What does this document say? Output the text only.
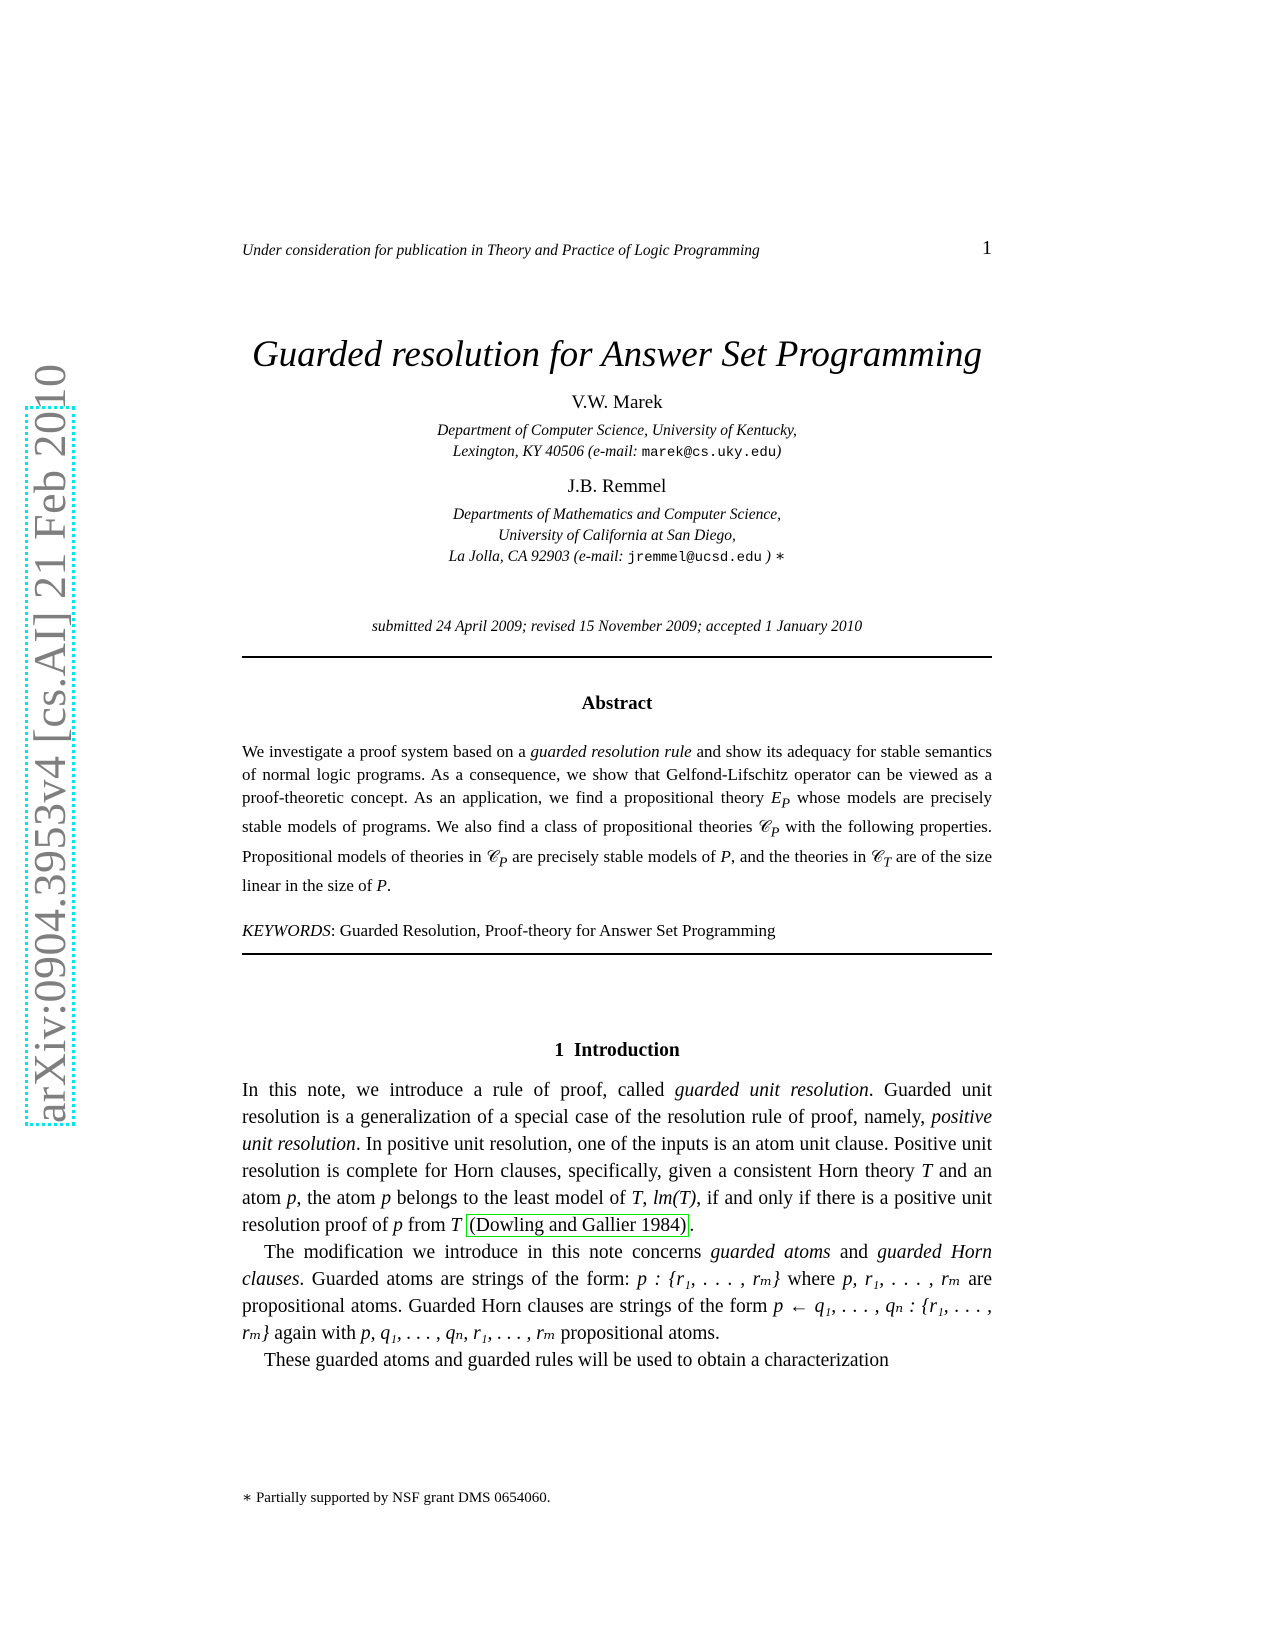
arXiv:0904.3953v4 [cs.AI] 21 Feb 2010
Under consideration for publication in Theory and Practice of Logic Programming	1
Guarded resolution for Answer Set Programming
V.W. Marek
Department of Computer Science, University of Kentucky,
Lexington, KY 40506 (e-mail: marek@cs.uky.edu)
J.B. Remmel
Departments of Mathematics and Computer Science,
University of California at San Diego,
La Jolla, CA 92903 (e-mail: jremmel@ucsd.edu ) ∗
submitted 24 April 2009; revised 15 November 2009; accepted 1 January 2010
Abstract
We investigate a proof system based on a guarded resolution rule and show its adequacy for stable semantics of normal logic programs. As a consequence, we show that Gelfond-Lifschitz operator can be viewed as a proof-theoretic concept. As an application, we find a propositional theory $E_P$ whose models are precisely stable models of programs. We also find a class of propositional theories 𝒞$_P$ with the following properties. Propositional models of theories in 𝒞$_P$ are precisely stable models of P, and the theories in 𝒞$_T$ are of the size linear in the size of P.
KEYWORDS: Guarded Resolution, Proof-theory for Answer Set Programming
1 Introduction

In this note, we introduce a rule of proof, called guarded unit resolution. Guarded unit resolution is a generalization of a special case of the resolution rule of proof, namely, positive unit resolution. In positive unit resolution, one of the inputs is an atom unit clause. Positive unit resolution is complete for Horn clauses, specifically, given a consistent Horn theory T and an atom p, the atom p belongs to the least model of T, lm(T), if and only if there is a positive unit resolution proof of p from T (Dowling and Gallier 1984) .

The modification we introduce in this note concerns guarded atoms and guarded Horn clauses. Guarded atoms are strings of the form: p : {r₁, . . . , rₘ} where p, r₁, . . . , rₘ are propositional atoms. Guarded Horn clauses are strings of the form p ← q₁, . . . , qₙ : {r₁, . . . , rₘ} again with p, q₁, . . . , qₙ, r₁, . . . , rₘ propositional atoms.

These guarded atoms and guarded rules will be used to obtain a characterization

∗ Partially supported by NSF grant DMS 0654060.
